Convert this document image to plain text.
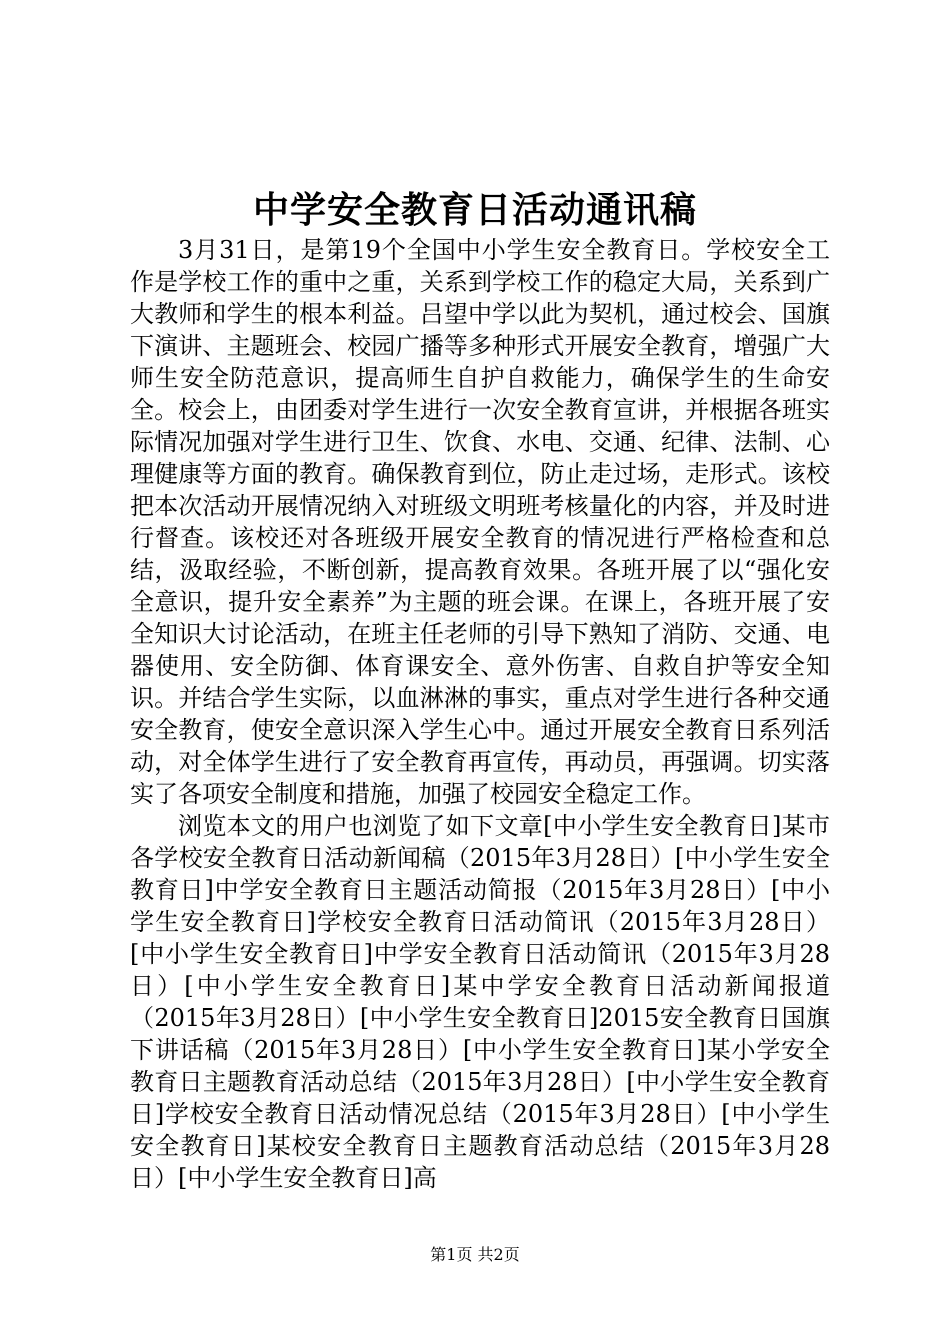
中学安全教育日活动通讯稿

3月31日，是第19个全国中小学生安全教育日。学校安全工作是学校工作的重中之重，关系到学校工作的稳定大局，关系到广大教师和学生的根本利益。吕望中学以此为契机，通过校会、国旗下演讲、主题班会、校园广播等多种形式开展安全教育，增强广大师生安全防范意识，提高师生自护自救能力，确保学生的生命安全。校会上，由团委对学生进行一次安全教育宣讲，并根据各班实际情况加强对学生进行卫生、饮食、水电、交通、纪律、法制、心理健康等方面的教育。确保教育到位，防止走过场，走形式。该校把本次活动开展情况纳入对班级文明班考核量化的内容，并及时进行督查。该校还对各班级开展安全教育的情况进行严格检查和总结，汲取经验，不断创新，提高教育效果。各班开展了以“强化安全意识，提升安全素养”为主题的班会课。在课上，各班开展了安全知识大讨论活动，在班主任老师的引导下熟知了消防、交通、电器使用、安全防御、体育课安全、意外伤害、自救自护等安全知识。并结合学生实际，以血淋淋的事实，重点对学生进行各种交通安全教育，使安全意识深入学生心中。通过开展安全教育日系列活动，对全体学生进行了安全教育再宣传，再动员，再强调。切实落实了各项安全制度和措施，加强了校园安全稳定工作。

浏览本文的用户也浏览了如下文章[中小学生安全教育日]某市各学校安全教育日活动新闻稿（2015年3月28日）[中小学生安全教育日]中学安全教育日主题活动简报（2015年3月28日）[中小学生安全教育日]学校安全教育日活动简讯（2015年3月28日）[中小学生安全教育日]中学安全教育日活动简讯（2015年3月28日）[中小学生安全教育日]某中学安全教育日活动新闻报道（2015年3月28日）[中小学生安全教育日]2015安全教育日国旗下讲话稿（2015年3月28日）[中小学生安全教育日]某小学安全教育日主题教育活动总结（2015年3月28日）[中小学生安全教育日]学校安全教育日活动情况总结（2015年3月28日）[中小学生安全教育日]某校安全教育日主题教育活动总结（2015年3月28日）[中小学生安全教育日]高

第1页 共2页
